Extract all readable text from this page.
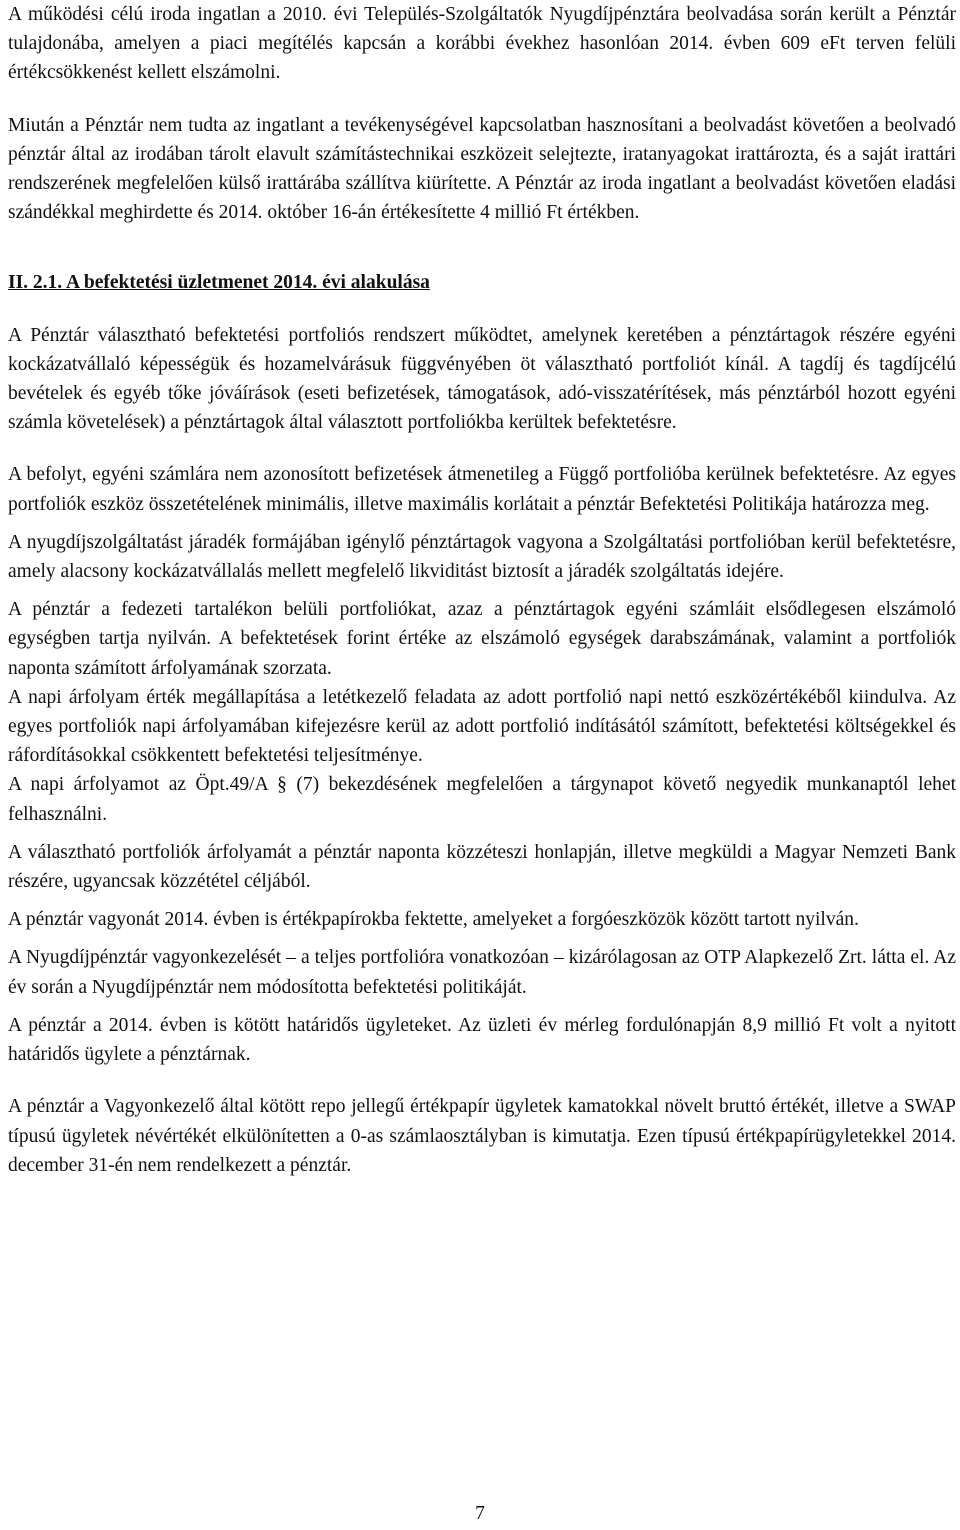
A működési célú iroda ingatlan a 2010. évi Település-Szolgáltatók Nyugdíjpénztára beolvadása során került a Pénztár tulajdonába, amelyen a piaci megítélés kapcsán a korábbi évekhez hasonlóan 2014. évben 609 eFt terven felüli értékcsökkenést kellett elszámolni.

Miután a Pénztár nem tudta az ingatlant a tevékenységével kapcsolatban hasznosítani a beolvadást követően a beolvadó pénztár által az irodában tárolt elavult számítástechnikai eszközeit selejtezte, iratanyagokat irattározta, és a saját irattári rendszerének megfelelően külső irattárába szállítva kiürítette. A Pénztár az iroda ingatlant a beolvadást követően eladási szándékkal meghirdette és 2014. október 16-án értékesítette 4 millió Ft értékben.

II. 2.1. A befektetési üzletmenet 2014. évi alakulása

A Pénztár választható befektetési portfoliós rendszert működtet, amelynek keretében a pénztártagok részére egyéni kockázatvállaló képességük és hozamelvárásuk függvényében öt választható portfoliót kínál. A tagdíj és tagdíjcélú bevételek és egyéb tőke jóváírások (eseti befizetések, támogatások, adó-visszatérítések, más pénztárból hozott egyéni számla követelések) a pénztártagok által választott portfoliókba kerültek befektetésre.

A befolyt, egyéni számlára nem azonosított befizetések átmenetileg a Függő portfolióba kerülnek befektetésre. Az egyes portfoliók eszköz összetételének minimális, illetve maximális korlátait a pénztár Befektetési Politikája határozza meg.

A nyugdíjszolgáltatást járadék formájában igénylő pénztártagok vagyona a Szolgáltatási portfolióban kerül befektetésre, amely alacsony kockázatvállalás mellett megfelelő likviditást biztosít a járadék szolgáltatás idejére.

A pénztár a fedezeti tartalékon belüli portfoliókat, azaz a pénztártagok egyéni számláit elsődlegesen elszámoló egységben tartja nyilván. A befektetések forint értéke az elszámoló egységek darabszámának, valamint a portfoliók naponta számított árfolyamának szorzata.

A napi árfolyam érték megállapítása a letétkezelő feladata az adott portfolió napi nettó eszközértékéből kiindulva. Az egyes portfoliók napi árfolyamában kifejezésre kerül az adott portfolió indításától számított, befektetési költségekkel és ráfordításokkal csökkentett befektetési teljesítménye.

A napi árfolyamot az Öpt.49/A § (7) bekezdésének megfelelően a tárgynapot követő negyedik munkanaptól lehet felhasználni.

A választható portfoliók árfolyamát a pénztár naponta közzéteszi honlapján, illetve megküldi a Magyar Nemzeti Bank részére, ugyancsak közzététel céljából.

A pénztár vagyonát 2014. évben is értékpapírokba fektette, amelyeket a forgóeszközök között tartott nyilván.

A Nyugdíjpénztár vagyonkezelését – a teljes portfolióra vonatkozóan – kizárólagosan az OTP Alapkezelő Zrt. látta el. Az év során a Nyugdíjpénztár nem módosította befektetési politikáját.

A pénztár a 2014. évben is kötött határidős ügyleteket. Az üzleti év mérleg fordulónapján 8,9 millió Ft volt a nyitott határidős ügylete a pénztárnak.

A pénztár a Vagyonkezelő által kötött repo jellegű értékpapír ügyletek kamatokkal növelt bruttó értékét, illetve a SWAP típusú ügyletek névértékét elkülönítetten a 0-as számlaosztályban is kimutatja. Ezen típusú értékpapírügyletekkel 2014. december 31-én nem rendelkezett a pénztár.

7
